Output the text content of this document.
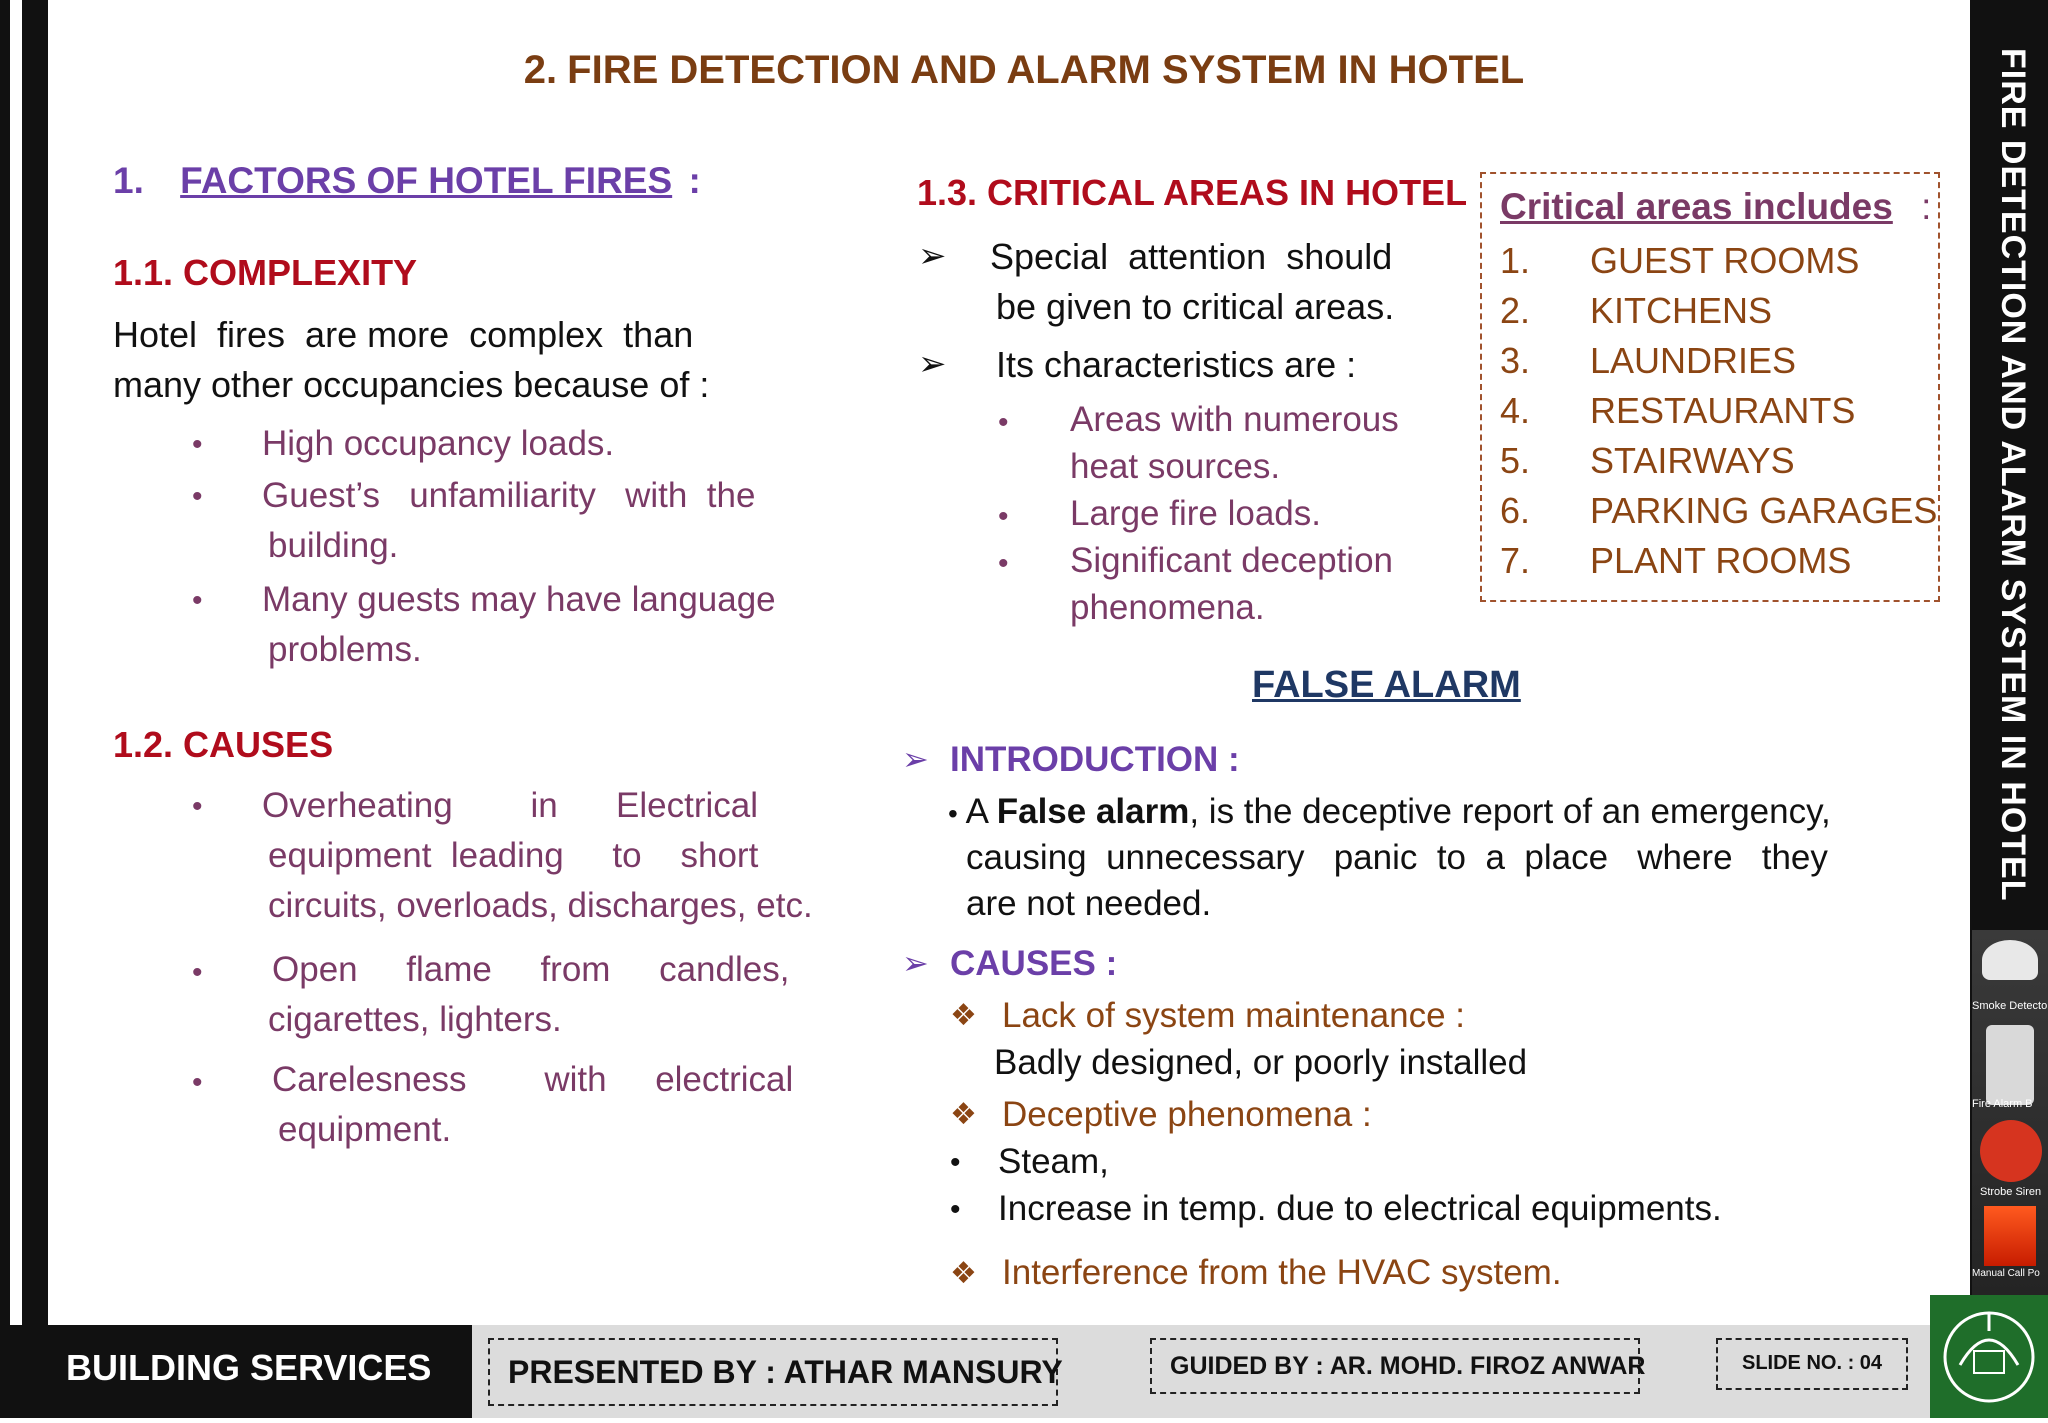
2. FIRE DETECTION AND ALARM SYSTEM IN HOTEL
1. FACTORS OF HOTEL FIRES :
1.1. COMPLEXITY
Hotel  fires  are more  complex  than
many other occupancies because of :
• High occupancy loads.
• Guest’s   unfamiliarity   with  the
building.
• Many guests may have language
problems.
1.2. CAUSES
• Overheating        in      Electrical
equipment  leading     to    short
circuits, overloads, discharges, etc.
• Open     flame     from     candles,
cigarettes, lighters.
• Carelesness        with     electrical
equipment.
1.3. CRITICAL AREAS IN HOTEL
➢ Special  attention  should
be given to critical areas.
➢ Its characteristics are :
• Areas with numerous
heat sources.
• Large fire loads.
• Significant deception
phenomena.
Critical areas includes :
1. GUEST ROOMS
2. KITCHENS
3. LAUNDRIES
4. RESTAURANTS
5. STAIRWAYS
6. PARKING GARAGES
7. PLANT ROOMS
FALSE ALARM
➢ INTRODUCTION :
• A False alarm, is the deceptive report of an emergency,
causing  unnecessary   panic  to  a  place   where   they
are not needed.
➢ CAUSES :
❖ Lack of system maintenance :
Badly designed, or poorly installed
❖ Deceptive phenomena :
• Steam,
• Increase in temp. due to electrical equipments.
❖ Interference from the HVAC system.
FIRE DETECTION AND ALARM SYSTEM IN HOTEL
Smoke Detecto
Fire Alarm B
Strobe Siren
Manual Call Po
BUILDING SERVICES PRESENTED BY : ATHAR MANSURY	GUIDED BY : AR. MOHD. FIROZ ANWAR	SLIDE NO. : 04
